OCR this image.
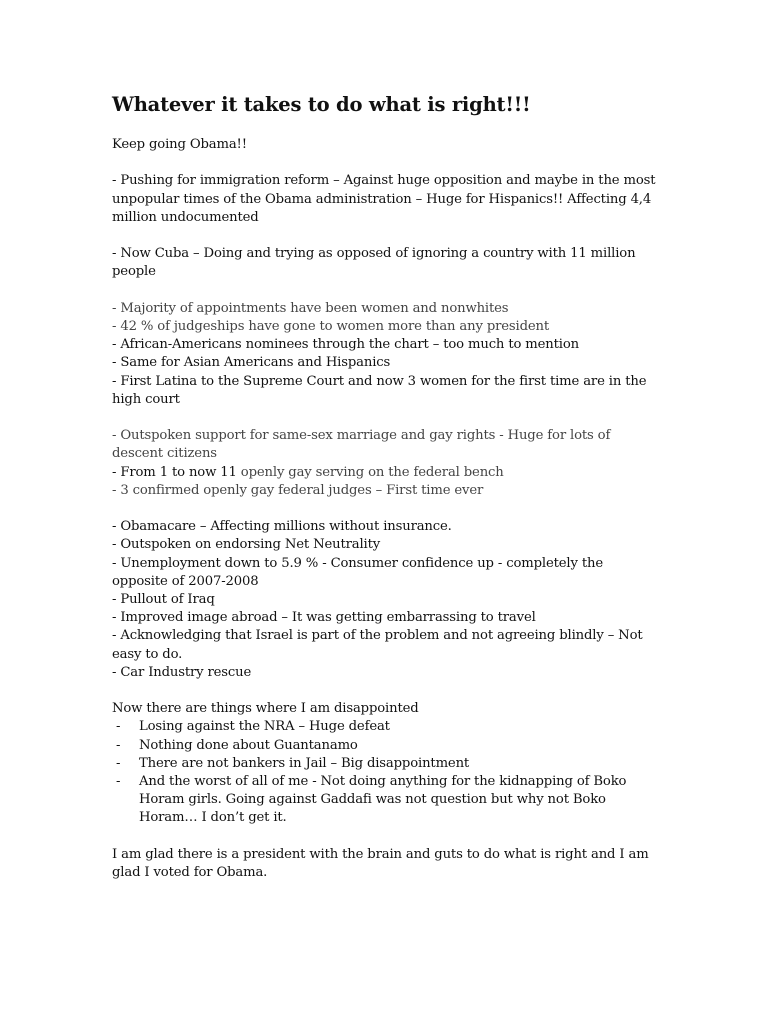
Whatever it takes to do what is right!!!
Keep going Obama!!
- Pushing for immigration reform – Against huge opposition and maybe in the most unpopular times of the Obama administration – Huge for Hispanics!! Affecting 4,4 million undocumented
- Now Cuba – Doing and trying as opposed of ignoring a country with 11 million people
- Majority of appointments have been women and nonwhites
- 42 % of judgeships have gone to women more than any president
- African-Americans nominees through the chart – too much to mention
- Same for Asian Americans and Hispanics
- First Latina to the Supreme Court and now 3 women for the first time are in the high court
- Outspoken support for same-sex marriage and gay rights - Huge for lots of descent citizens
- From 1 to now 11 openly gay serving on the federal bench
- 3 confirmed openly gay federal judges – First time ever
- Obamacare – Affecting millions without insurance.
- Outspoken on endorsing Net Neutrality
- Unemployment down to 5.9 % - Consumer confidence up - completely the opposite of 2007-2008
- Pullout of Iraq
- Improved image abroad – It was getting embarrassing to travel
- Acknowledging that Israel is part of the problem and not agreeing blindly – Not easy to do.
- Car Industry rescue
Now there are things where I am disappointed
- Losing against the NRA – Huge defeat
- Nothing done about Guantanamo
- There are not bankers in Jail – Big disappointment
- And the worst of all of me - Not doing anything for the kidnapping of Boko Horam girls. Going against Gaddafi was not question but why not Boko Horam… I don’t get it.
I am glad there is a president with the brain and guts to do what is right and I am glad I voted for Obama.
